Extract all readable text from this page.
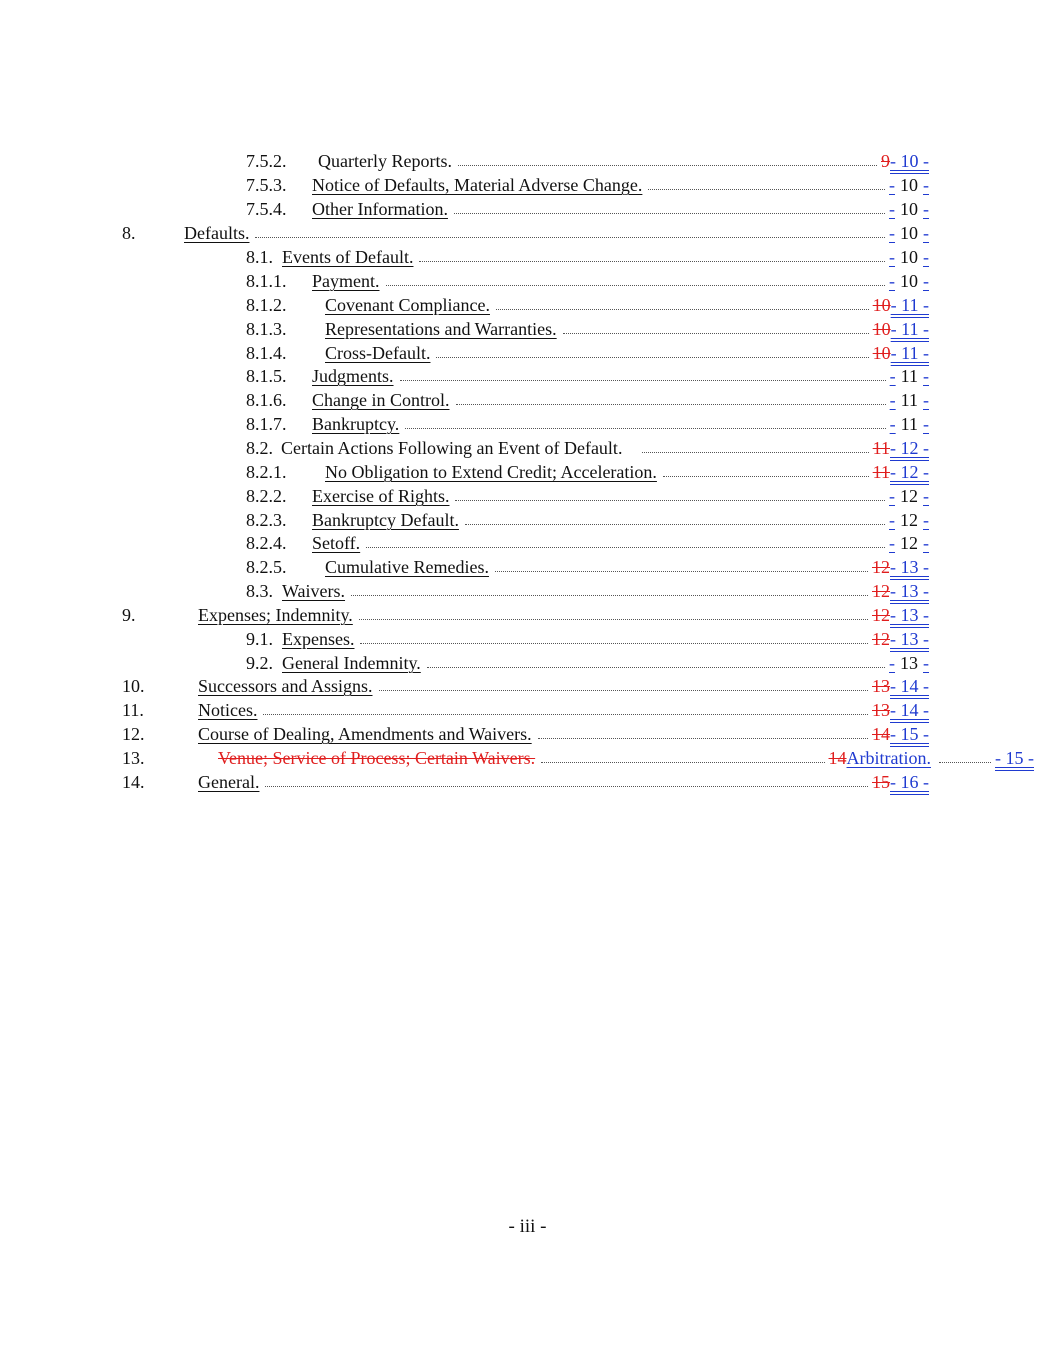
7.5.2.	Quarterly Reports.	9 - 10 -
7.5.3.	Notice of Defaults, Material Adverse Change.	- 10 -
7.5.4.	Other Information.	- 10 -
8.	Defaults.	- 10 -
8.1. Events of Default.	- 10 -
8.1.1.	Payment.	- 10 -
8.1.2.	Covenant Compliance.	10 - 11 -
8.1.3.	Representations and Warranties.	10 - 11 -
8.1.4.	Cross-Default.	10 - 11 -
8.1.5.	Judgments.	- 11 -
8.1.6.	Change in Control.	- 11 -
8.1.7.	Bankruptcy.	- 11 -
8.2. Certain Actions Following an Event of Default.	11 - 12 -
8.2.1.	No Obligation to Extend Credit; Acceleration.	11 - 12 -
8.2.2.	Exercise of Rights.	- 12 -
8.2.3.	Bankruptcy Default.	- 12 -
8.2.4.	Setoff.	- 12 -
8.2.5.	Cumulative Remedies.	12 - 13 -
8.3. Waivers.	12 - 13 -
9.	Expenses; Indemnity.	12 - 13 -
9.1. Expenses.	12 - 13 -
9.2. General Indemnity.	- 13 -
10.	Successors and Assigns.	13 - 14 -
11.	Notices.	13 - 14 -
12.	Course of Dealing, Amendments and Waivers.	14 - 15 -
13.	Venue; Service of Process; Certain Waivers.	14 Arbitration.	- 15 -
14.	General.	15 - 16 -
- iii -
